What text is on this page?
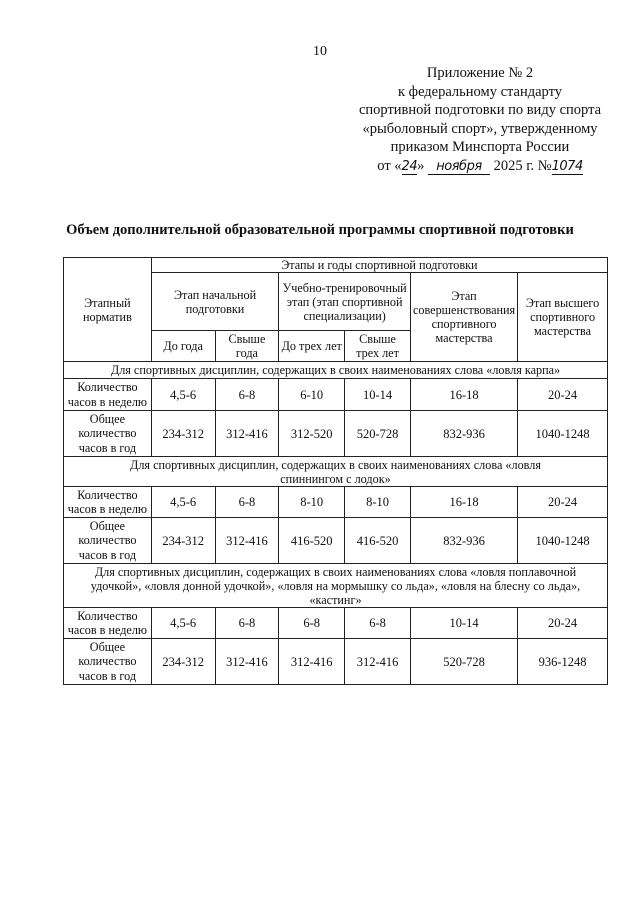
10
Приложение № 2
к федеральному стандарту
спортивной подготовки по виду спорта
«рыболовный спорт», утвержденному
приказом Минспорта России
от «24» ноября 2025 г. №1074
Объем дополнительной образовательной программы спортивной подготовки
Этапный норматив	Этапы и годы спортивной подготовки					
	Этап начальной подготовки		Учебно-тренировочный этап (этап спортивной специализации)		Этап совершенствования спортивного мастерства	Этап высшего спортивного мастерства
	До года	Свыше года	До трех лет	Свыше трех лет		
Для спортивных дисциплин, содержащих в своих наименованиях слова «ловля карпа»						
Количество часов в неделю	4,5-6	6-8	6-10	10-14	16-18	20-24
Общее количество часов в год	234-312	312-416	312-520	520-728	832-936	1040-1248
Для спортивных дисциплин, содержащих в своих наименованиях слова «ловля спиннингом с лодок»						
Количество часов в неделю	4,5-6	6-8	8-10	8-10	16-18	20-24
Общее количество часов в год	234-312	312-416	416-520	416-520	832-936	1040-1248
Для спортивных дисциплин, содержащих в своих наименованиях слова «ловля поплавочной удочкой», «ловля донной удочкой», «ловля на мормышку со льда», «ловля на блесну со льда», «кастинг»						
Количество часов в неделю	4,5-6	6-8	6-8	6-8	10-14	20-24
Общее количество часов в год	234-312	312-416	312-416	312-416	520-728	936-1248
